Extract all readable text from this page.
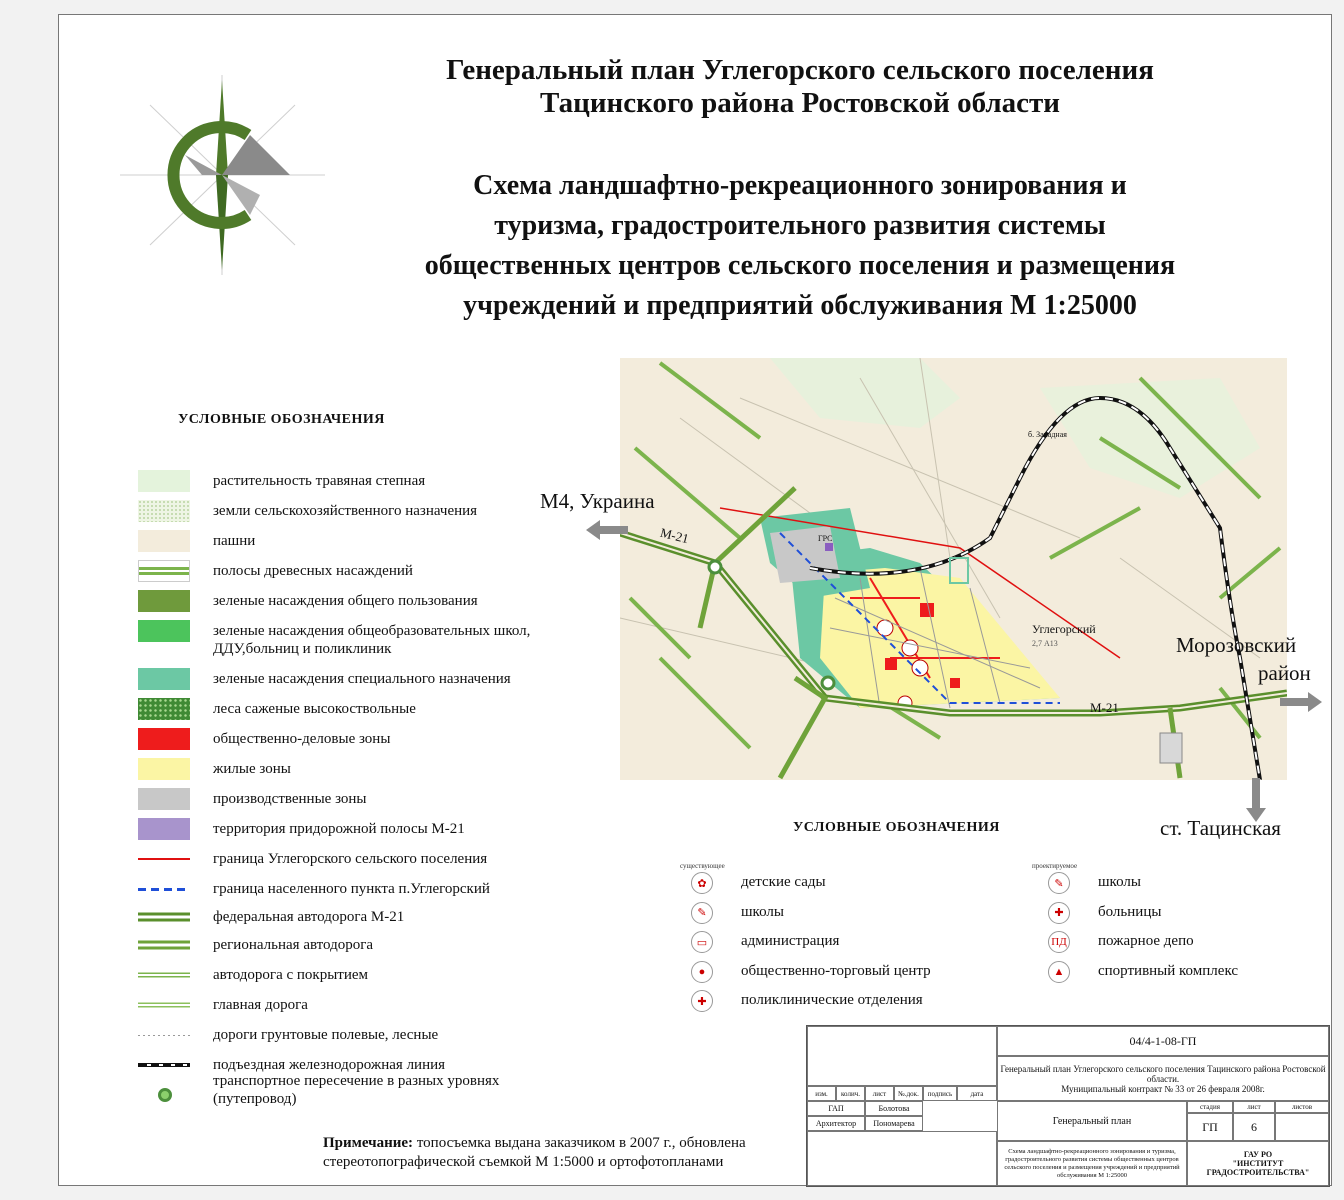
Генеральный план Углегорского сельского поселения
Тацинского района Ростовской области
Схема ландшафтно-рекреационного зонирования и
туризма, градостроительного развития системы
общественных центров сельского поселения и размещения
учреждений и предприятий обслуживания М 1:25000
УСЛОВНЫЕ ОБОЗНАЧЕНИЯ
растительность травяная степная
земли сельскохозяйственного назначения
пашни
полосы древесных насаждений
зеленые насаждения общего пользования
зеленые насаждения общеобразовательных школ, ДДУ,больниц и поликлиник
зеленые насаждения специального назначения
леса саженые высокоствольные
общественно-деловые зоны
жилые зоны
производственные зоны
территория придорожной полосы М-21
граница Углегорского сельского поселения
граница населенного пункта п.Углегорский
федеральная автодорога М-21
региональная автодорога
автодорога с покрытием
главная дорога
дороги грунтовые полевые, лесные
подъездная железнодорожная линия
транспортное пересечение в разных уровнях (путепровод)
Углегорский
2,7 А13
М-21
М-21
ГРС
б. Западная
М4, Украина
Морозовский
район
ст. Тацинская
УСЛОВНЫЕ ОБОЗНАЧЕНИЯ
существующее	проектируемое
✿	детские сады
✎	школы
▭	администрация
●	общественно-торговый центр
✚	поликлинические отделения
✎	школы
✚	больницы
ПД пожарное депо
▲	спортивный комплекс
04/4-1-08-ГП
Генеральный план Углегорского сельского поселения Тацинского района Ростовской области.
Муниципальный контракт № 33 от 26 февраля 2008г.
изм.	колич.	лист	№.док.	подпись	дата
ГАП	Болотова
Архитектор	Пономарева	Генеральный план
стадия	лист	листов
ГП	6
Схема ландшафтно-рекреационного зонирования и туризма, градостроительного развития системы общественных центров сельского поселения и размещения учреждений и предприятий обслуживания М 1:25000
ГАУ РО
"ИНСТИТУТ
ГРАДОСТРОИТЕЛЬСТВА"
Примечание: топосъемка выдана заказчиком в 2007 г., обновлена
стереотопографической съемкой М 1:5000 и ортофотопланами
